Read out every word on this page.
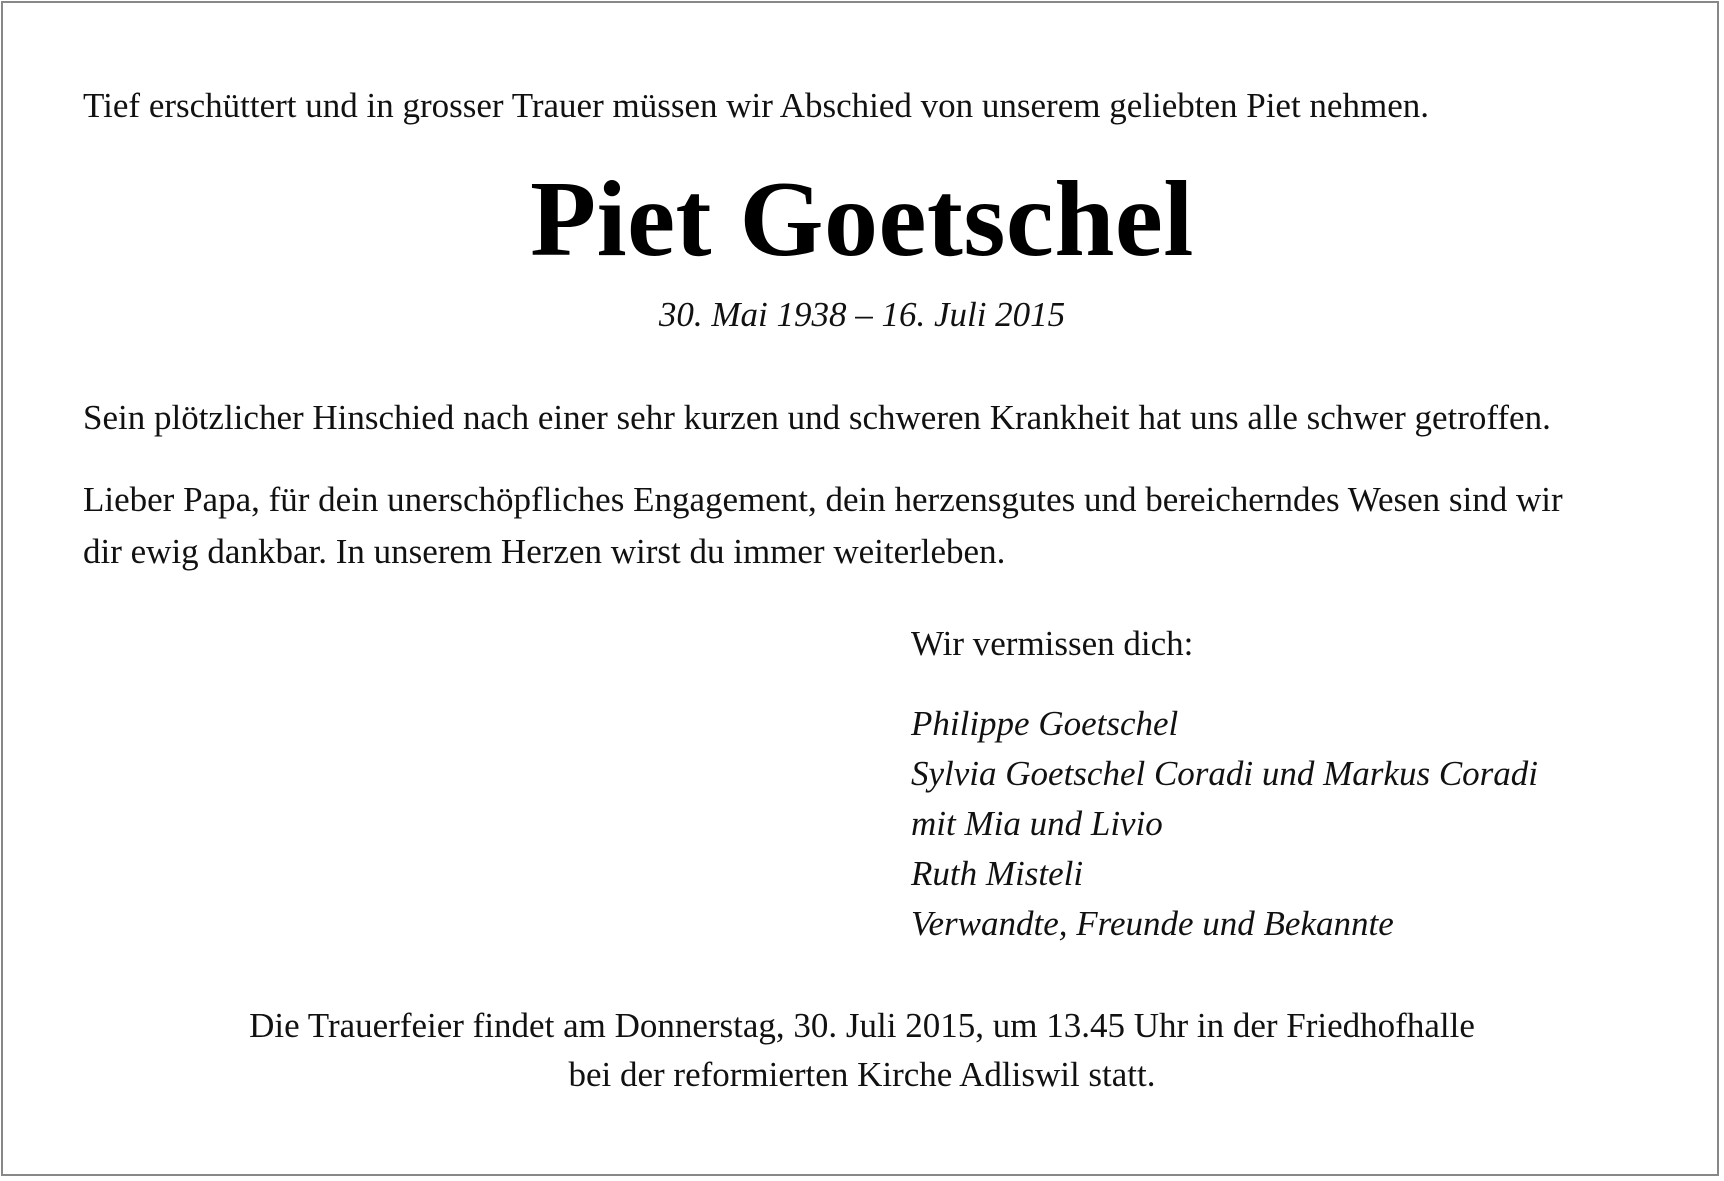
Tief erschüttert und in grosser Trauer müssen wir Abschied von unserem geliebten Piet nehmen.
Piet Goetschel
30. Mai 1938 – 16. Juli 2015
Sein plötzlicher Hinschied nach einer sehr kurzen und schweren Krankheit hat uns alle schwer getroffen.
Lieber Papa, für dein unerschöpfliches Engagement, dein herzensgutes und bereicherndes Wesen sind wir
dir ewig dankbar. In unserem Herzen wirst du immer weiterleben.
Wir vermissen dich:
Philippe Goetschel
Sylvia Goetschel Coradi und Markus Coradi
mit Mia und Livio
Ruth Misteli
Verwandte, Freunde und Bekannte
Die Trauerfeier findet am Donnerstag, 30. Juli 2015, um 13.45 Uhr in der Friedhofhalle
bei der reformierten Kirche Adliswil statt.
